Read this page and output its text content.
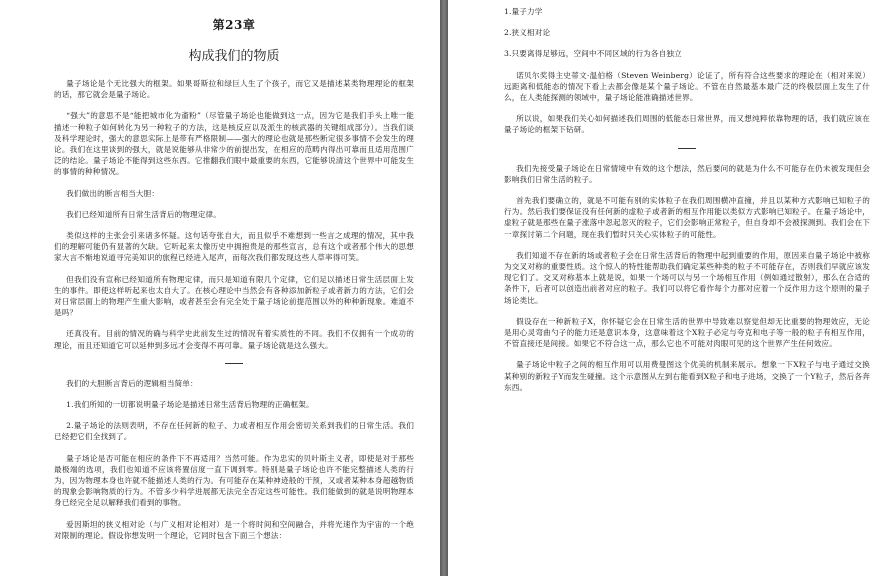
第23章
构成我们的物质

量子场论是个无比强大的框架。如果哥斯拉和绿巨人生了个孩子，而它又是描述某类物理理论的框架的话，那它就会是量子场论。

“强大”的意思不是“能把城市化为齑粉”（尽管量子场论也能做到这一点，因为它是我们手头上唯一能描述一种粒子如何转化为另一种粒子的方法，这是核反应以及派生的核武器的关键组成部分）。当我们谈及科学理论时，强大的意思实际上是带有严格限制——强大的理论也就是那些断定很多事情不会发生的理论。我们在这里谈到的强大，就是说能够从非常少的前提出发，在相应的范畴内得出可靠而且适用范围广泛的结论。量子场论不能得到这些东西。它推翻我们眼中最重要的东西，它能够说清这个世界中可能发生的事情的种种情况。

我们做出的断言相当大胆：

我们已经知道所有日常生活背后的物理定律。

类似这样的主张会引来诸多怀疑。这句话夸张自大，而且似乎不难想到一些言之成理的情况，其中我们的理解可能仍有显著的欠缺。它听起来太像历史中拥抱贵是的那些宣言，总有这个或者那个伟大的思想家大言不惭地说道寻完美知识的旅程已经进入尾声，而每次我们都发现这些人草率得可笑。

但我们没有宣称已经知道所有物理定律，而只是知道有限几个定律，它们足以描述日常生活层面上发生的事件。即使这样听起来也太自大了。在核心理论中当然会有各种添加新粒子或者新力的方法，它们会对日常层面上的物理产生重大影响，或者甚至会有完全处于量子场论前提范围以外的种种新现象。难道不是吗？

还真没有。目前的情况的确与科学史此前发生过的情况有着实质性的不同。我们不仅拥有一个成功的理论，而且还知道它可以延伸到多远才会变得不再可靠。量子场论就是这么强大。

我们的大胆断言背后的逻辑相当简单：

1.我们所知的一切都说明量子场论是描述日常生活背后物理的正确框架。

2.量子场论的法则表明，不存在任何新的粒子、力或者相互作用会密切关系到我们的日常生活。我们已经把它们全找到了。

量子场论是否可能在相应的条件下不再适用？当然可能。作为忠实的贝叶斯主义者，即使是对于那些最极端的选项，我们也知道不应该将置信度一直下调到零。特别是量子场论也许不能完整描述人类的行为，因为物理本身也许就不能描述人类的行为。有可能存在某种神迹般的干预，又或者某种本身超越物质的现象会影响物质的行为。不管多少科学进展都无法完全否定这些可能性。我们能做到的就是说明物理本身已经完全足以解释我们看到的事物。

爱因斯坦的狭义相对论（与广义相对论相对）是一个将时间和空间融合，并将光速作为宇宙的一个绝对限制的理论。假设你想发明一个理论，它同时包含下面三个想法：

1.量子力学

2.狭义相对论

3.只要离得足够远，空间中不同区域的行为各自独立

诺贝尔奖得主史蒂文·温伯格（Steven Weinberg）论证了，所有符合这些要求的理论在（相对来说）远距离和低能态的情况下看上去都会像是某个量子场论。不管在自然最基本最广泛的终极层面上发生了什么，在人类能探测的领域中，量子场论能准确描述世界。

所以说，如果我们关心如何描述我们周围的低能态日常世界，而又想纯粹依靠物理的话，我们就应该在量子场论的框架下钻研。

我们先接受量子场论在日常情境中有效的这个想法，然后要问的就是为什么不可能存在仍未被发现但会影响我们日常生活的粒子。

首先我们要确立的，就是不可能有别的实体粒子在我们周围横冲直撞，并且以某种方式影响已知粒子的行为。然后我们要保证没有任何新的虚粒子或者新的相互作用能以类似方式影响已知粒子。在量子场论中，虚粒子就是那些在量子涨落中忽起忽灭的粒子，它们会影响正常粒子，但自身却不会被探测到。我们会在下一章探讨第二个问题，现在我们暂时只关心实体粒子的可能性。

我们知道不存在新的场或者粒子会在日常生活背后的物理中起到重要的作用，原因来自量子场论中被称为交叉对称的重要性质。这个惊人的特性能帮助我们确定某些种类的粒子不可能存在，否则我们早就应该发现它们了。交叉对称基本上就是说，如果一个场可以与另一个场相互作用（例如通过散射），那么在合适的条件下，后者可以创造出前者对应的粒子。我们可以将它看作每个力都对应着一个反作用力这个原则的量子场论类比。

假设存在一种新粒子X，你怀疑它会在日常生活的世界中导致难以察觉但却无比重要的物理效应，无论是用心灵弯曲勺子的能力还是意识本身，这意味着这个X粒子必定与夸克和电子等一般的粒子有相互作用，不管直接还是间接。如果它不符合这一点，那么它也不可能对肉眼可见的这个世界产生任何效应。

量子场论中粒子之间的相互作用可以用费曼图这个优美的机制来展示。想象一下X粒子与电子通过交换某种别的新粒子Y而发生碰撞。这个示意图从左到右能看到X粒子和电子进场，交换了一个Y粒子，然后各奔东西。
